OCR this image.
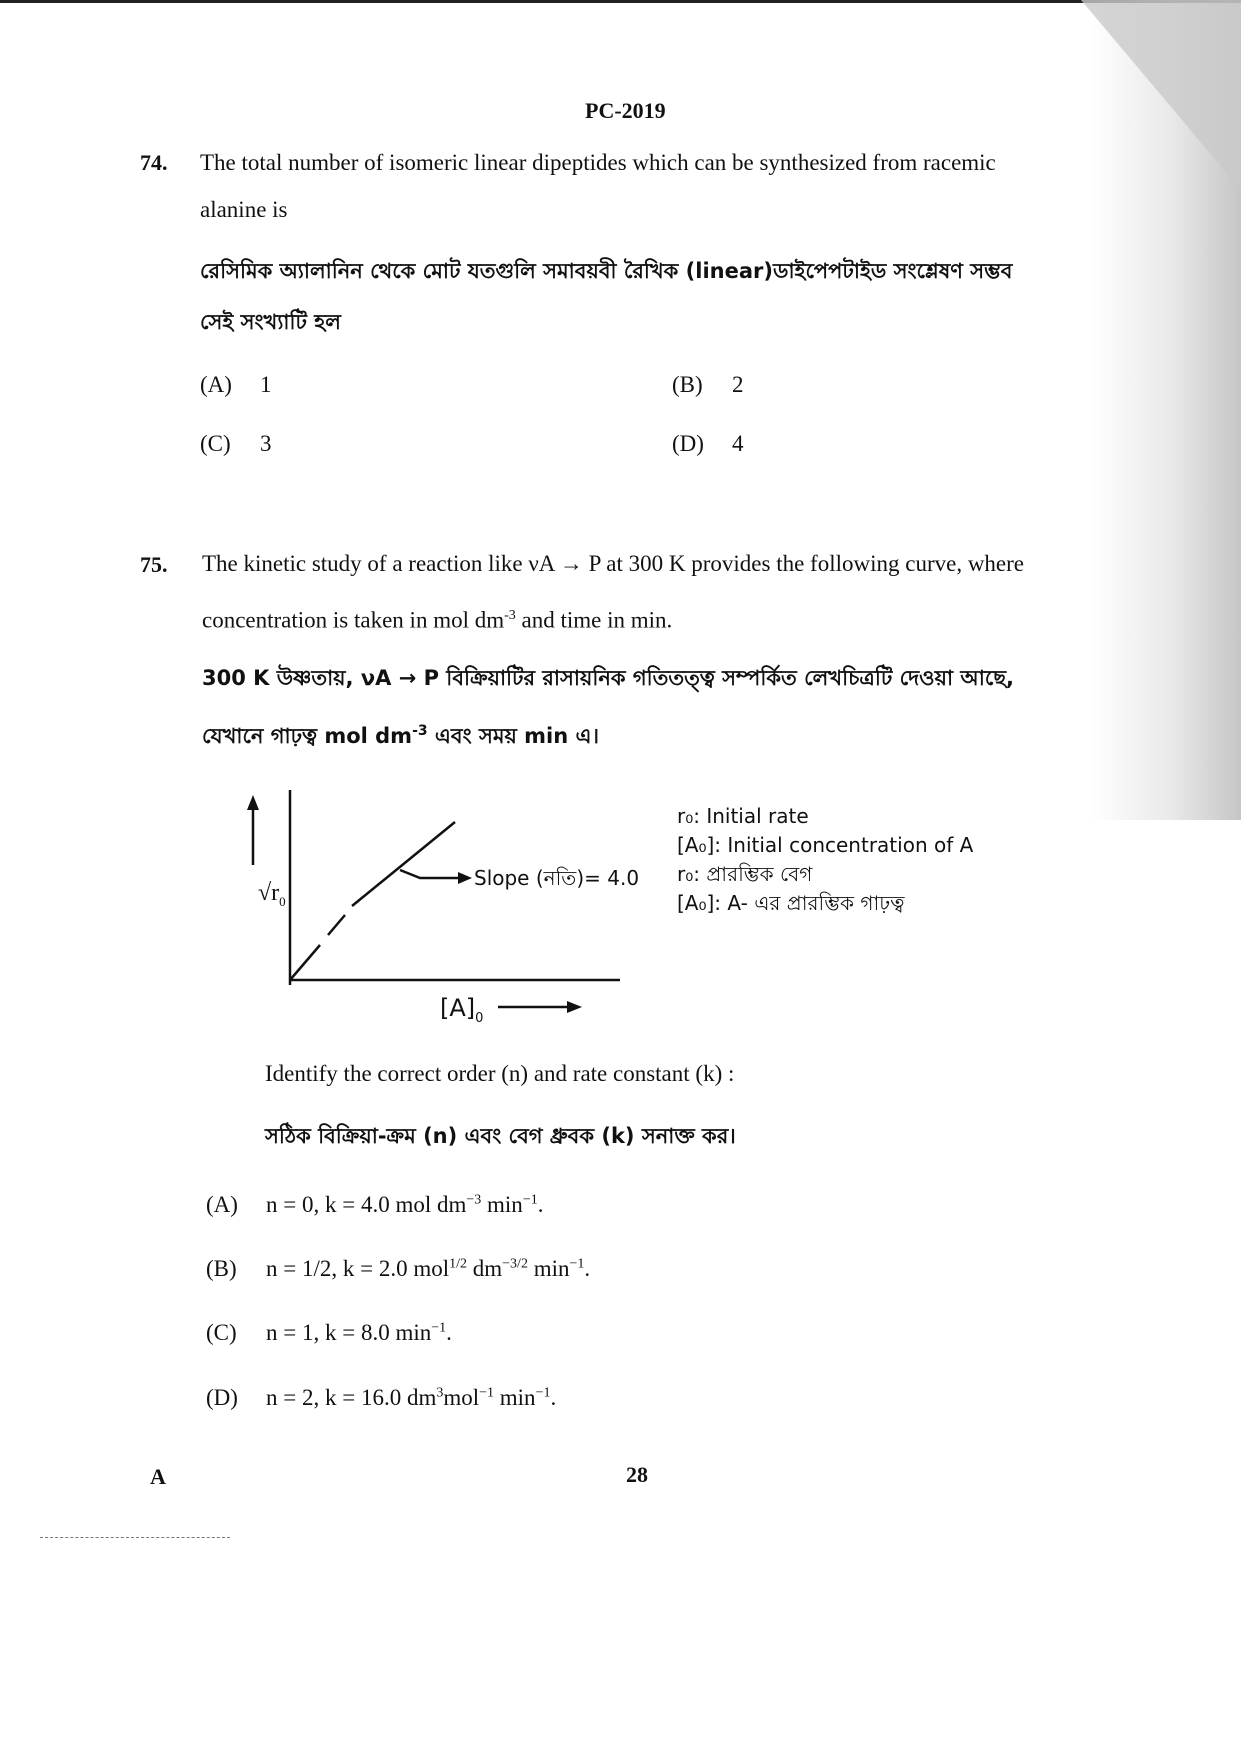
PC-2019
74. The total number of isomeric linear dipeptides which can be synthesized from racemic
alanine is
রেসিমিক অ্যালানিন থেকে মোট যতগুলি সমাবয়বী রৈখিক (linear)ডাইপেপটাইড সংশ্লেষণ সম্ভব
সেই সংখ্যাটি হল
(A) 1	(B) 2
(C) 3	(D) 4
75. The kinetic study of a reaction like νA → P at 300 K provides the following curve, where
concentration is taken in mol $dm^{-3}$ and time in min.
300 K উষ্ণতায়, νA → P বিক্রিয়াটির রাসায়নিক গতিতত্ত্ব সম্পর্কিত লেখচিত্রটি দেওয়া আছে,
যেখানে গাঢ়ত্ব mol $dm^{-3}$ এবং সময় min এ।
$√r_0$
Slope (নতি)= 4.0
$[A]_0$
r₀: Initial rate
[A₀]: Initial concentration of A
r₀: প্রারম্ভিক বেগ
[A₀]: A- এর প্রারম্ভিক গাঢ়ত্ব
Identify the correct order (n) and rate constant (k) :
সঠিক বিক্রিয়া-ক্রম (n) এবং বেগ ধ্রুবক (k) সনাক্ত কর।
(A) n = 0, k = 4.0 mol $dm^{-3}$ $\min^{-1}$.
(B) n = 1/2, k = 2.0 mol$^{1/2}$ $dm^{-3/2}$ $\min^{-1}$.
(C) n = 1, k = 8.0 $\min^{-1}$.
(D) n = 2, k = 16.0 $dm^3mol^{-1}$ $\min^{-1}$.
A	28
